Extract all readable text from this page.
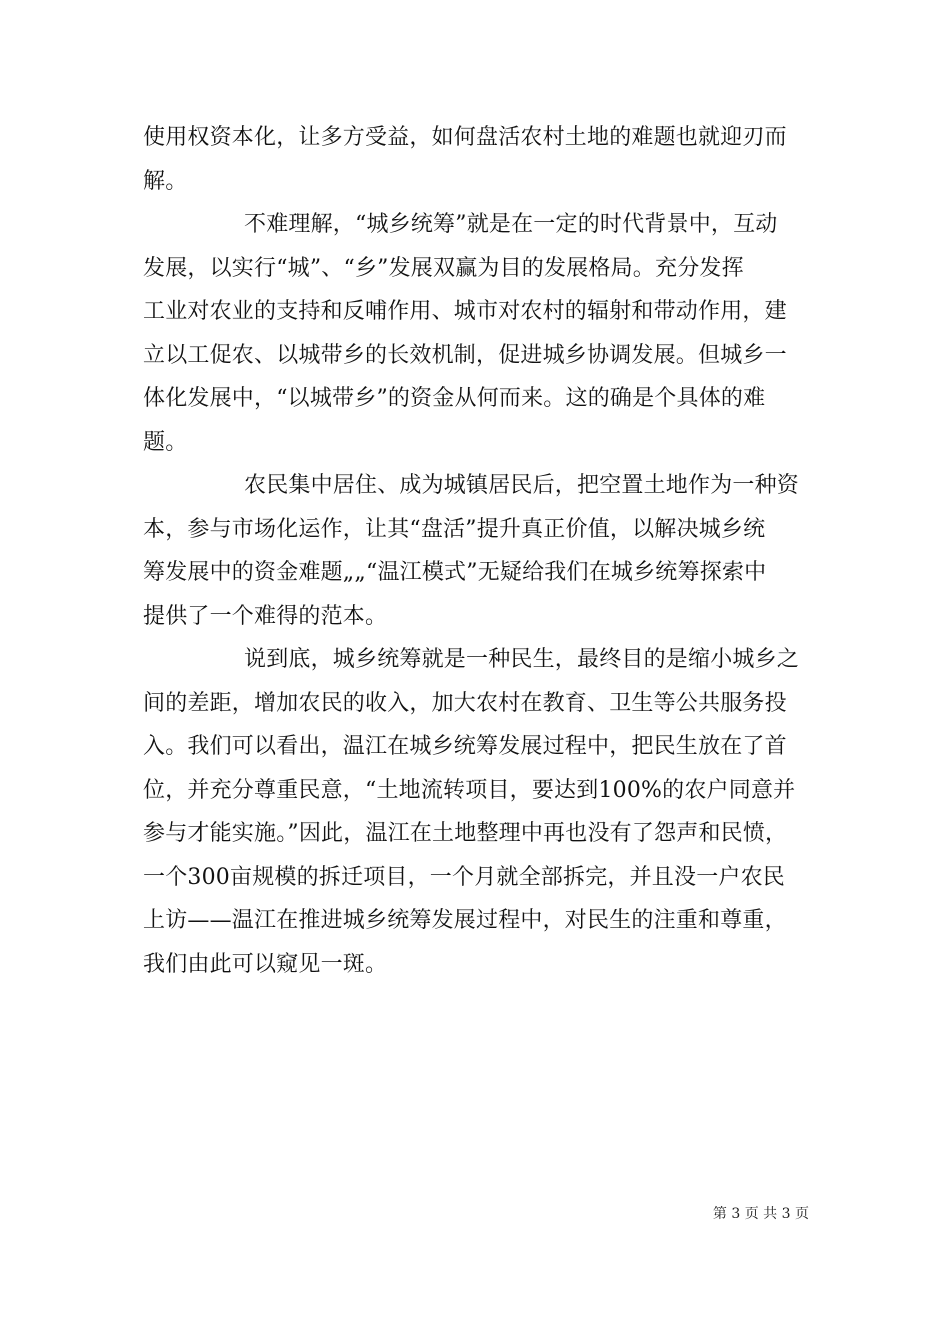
使用权资本化，让多方受益，如何盘活农村土地的难题也就迎刃而
解。
不难理解，“城乡统筹”就是在一定的时代背景中，互动
发展，以实行“城”、“乡”发展双赢为目的发展格局。充分发挥
工业对农业的支持和反哺作用、城市对农村的辐射和带动作用，建
立以工促农、以城带乡的长效机制，促进城乡协调发展。但城乡一
体化发展中，“以城带乡”的资金从何而来。这的确是个具体的难
题。
农民集中居住、成为城镇居民后，把空置土地作为一种资
本，参与市场化运作，让其“盘活”提升真正价值，以解决城乡统
筹发展中的资金难题„„“温江模式”无疑给我们在城乡统筹探索中
提供了一个难得的范本。
说到底，城乡统筹就是一种民生，最终目的是缩小城乡之
间的差距，增加农民的收入，加大农村在教育、卫生等公共服务投
入。我们可以看出，温江在城乡统筹发展过程中，把民生放在了首
位，并充分尊重民意，“土地流转项目，要达到100%的农户同意并
参与才能实施。”因此，温江在土地整理中再也没有了怨声和民愤，
一个300亩规模的拆迁项目，一个月就全部拆完，并且没一户农民
上访——温江在推进城乡统筹发展过程中，对民生的注重和尊重，
我们由此可以窥见一斑。
第 3 页 共 3 页
